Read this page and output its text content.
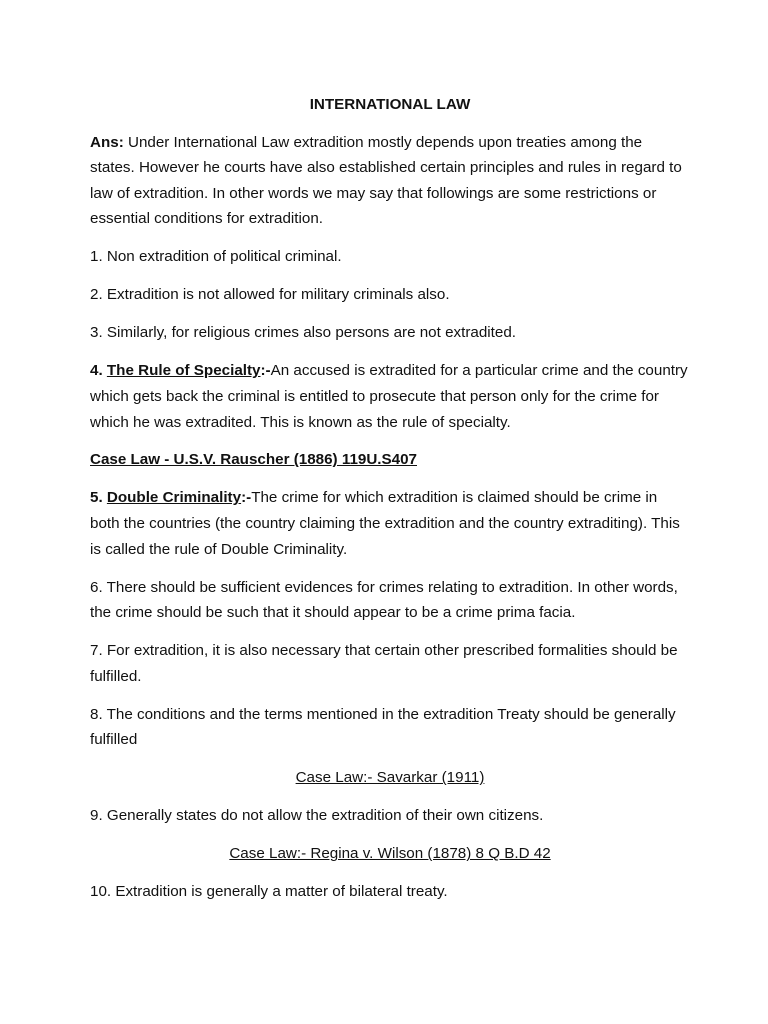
INTERNATIONAL LAW

Ans: Under International Law extradition mostly depends upon treaties among the states. However he courts have also established certain principles and rules in regard to law of extradition. In other words we may say that followings are some restrictions or essential conditions for extradition.

1. Non extradition of political criminal.

2. Extradition is not allowed for military criminals also.

3. Similarly, for religious crimes also persons are not extradited.

4. The Rule of Specialty:-An accused is extradited for a particular crime and the country which gets back the criminal is entitled to prosecute that person only for the crime for which he was extradited. This is known as the rule of specialty.

Case Law - U.S.V. Rauscher (1886) 119U.S407

5. Double Criminality:-The crime for which extradition is claimed should be crime in both the countries (the country claiming the extradition and the country extraditing). This is called the rule of Double Criminality.

6. There should be sufficient evidences for crimes relating to extradition. In other words, the crime should be such that it should appear to be a crime prima facia.

7. For extradition, it is also necessary that certain other prescribed formalities should be fulfilled.

8. The conditions and the terms mentioned in the extradition Treaty should be generally fulfilled

Case Law:- Savarkar (1911)

9. Generally states do not allow the extradition of their own citizens.

Case Law:- Regina v. Wilson (1878) 8 Q B.D 42

10. Extradition is generally a matter of bilateral treaty.
